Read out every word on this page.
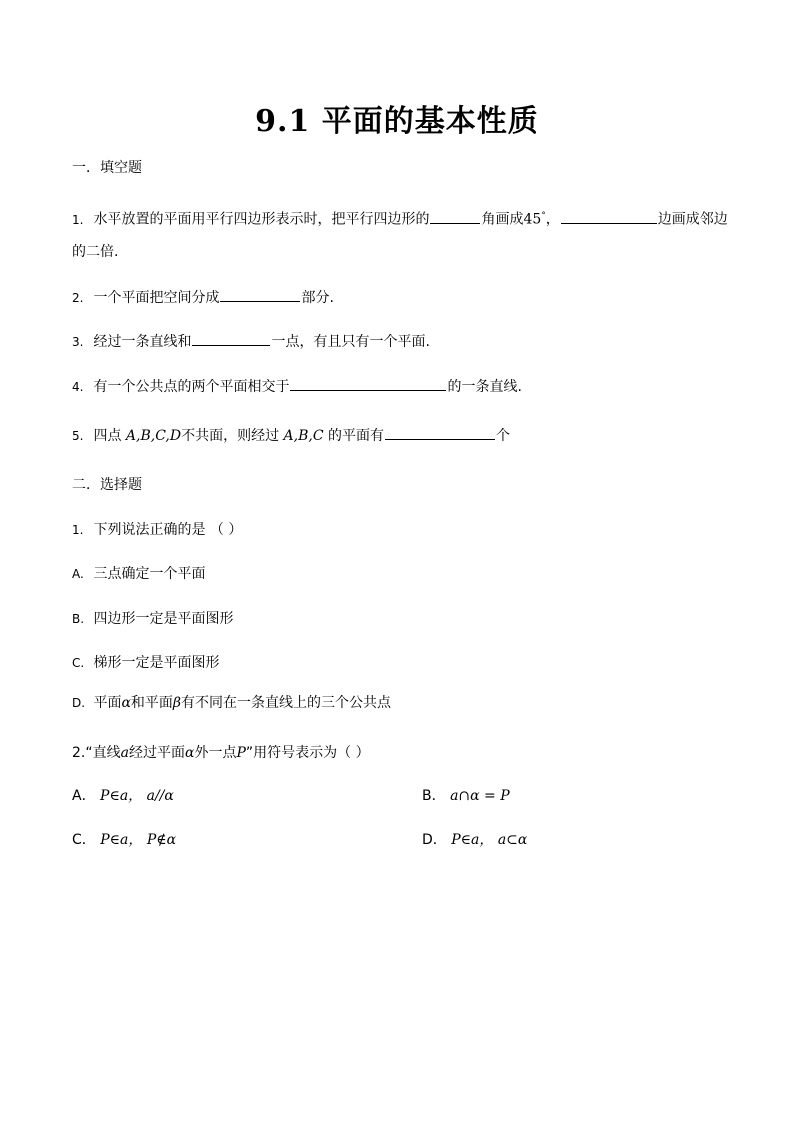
9.1 平面的基本性质
一．填空题
1. 水平放置的平面用平行四边形表示时，把平行四边形的	角画成45°，	边画成邻边
的二倍.
2. 一个平面把空间分成	部分.
3. 经过一条直线和	一点，有且只有一个平面.
4. 有一个公共点的两个平面相交于	的一条直线.
5. 四点 A,B,C,D不共面，则经过 A,B,C 的平面有	个
二．选择题
1. 下列说法正确的是 （ ）
A. 三点确定一个平面
B. 四边形一定是平面图形
C. 梯形一定是平面图形
D. 平面α和平面β有不同在一条直线上的三个公共点
2.“直线a经过平面α外一点P”用符号表示为（ ）
A． P∈a， a//α	B． a∩α = P
C． P∈a， P∉α	D． P∈a， a⊂α
